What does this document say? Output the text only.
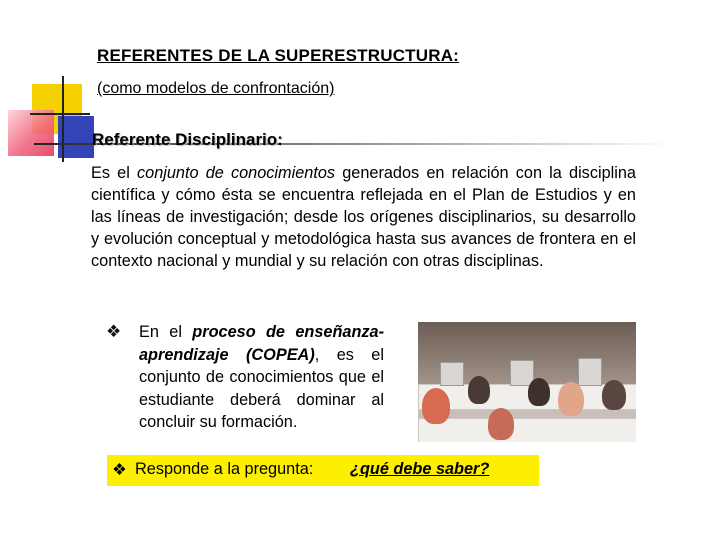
REFERENTES DE LA SUPERESTRUCTURA:
(como modelos de confrontación)
Referente Disciplinario:

Es el conjunto de conocimientos generados en relación con la disciplina científica y cómo ésta se encuentra reflejada en el Plan de Estudios y en las líneas de investigación; desde los orígenes disciplinarios, su desarrollo y evolución conceptual y metodológica hasta sus avances de frontera en el contexto nacional y mundial y su relación con otras disciplinas.

❖ En el proceso de enseñanza-aprendizaje (COPEA), es el conjunto de conocimientos que el estudiante deberá dominar al concluir su formación.

❖ Responde a la pregunta: ¿qué debe saber?
